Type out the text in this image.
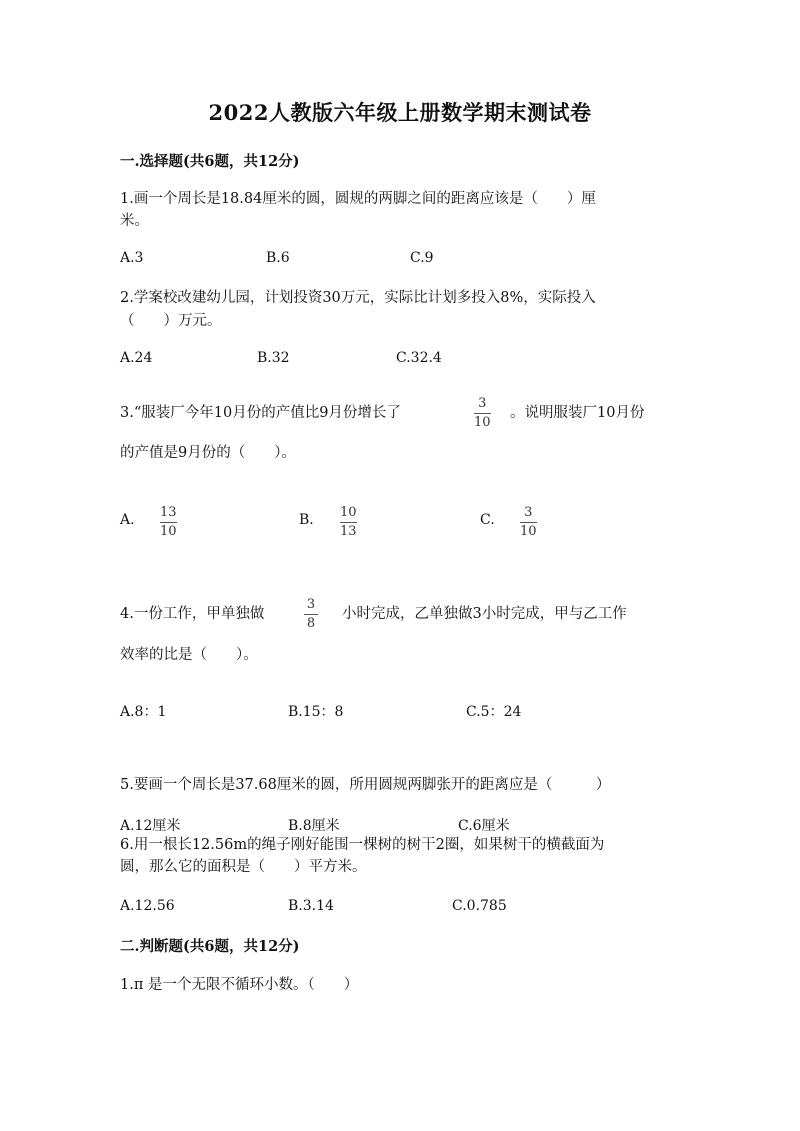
2022人教版六年级上册数学期末测试卷
一.选择题(共6题，共12分)
1.画一个周长是18.84厘米的圆，圆规的两脚之间的距离应该是（　　）厘
米。
A.3	B.6	C.9
2.学案校改建幼儿园，计划投资30万元，实际比计划多投入8%，实际投入
（　　）万元。
A.24	B.32	C.32.4
3.“服装厂今年10月份的产值比9月份增长了
3
10
。说明服装厂10月份
的产值是9月份的（　　）。
A. 13
10
B. 10
13
C. 3
10
4.一份工作，甲单独做
3
8
小时完成，乙单独做3小时完成，甲与乙工作
效率的比是（　　）。
A.8：1	B.15：8	C.5：24
5.要画一个周长是37.68厘米的圆，所用圆规两脚张开的距离应是（　　　）
A.12厘米	B.8厘米	C.6厘米
6.用一根长12.56m的绳子刚好能围一棵树的树干2圈，如果树干的横截面为
圆，那么它的面积是（　　）平方米。
A.12.56	B.3.14	C.0.785
二.判断题(共6题，共12分)
1.π 是一个无限不循环小数。（　　）
